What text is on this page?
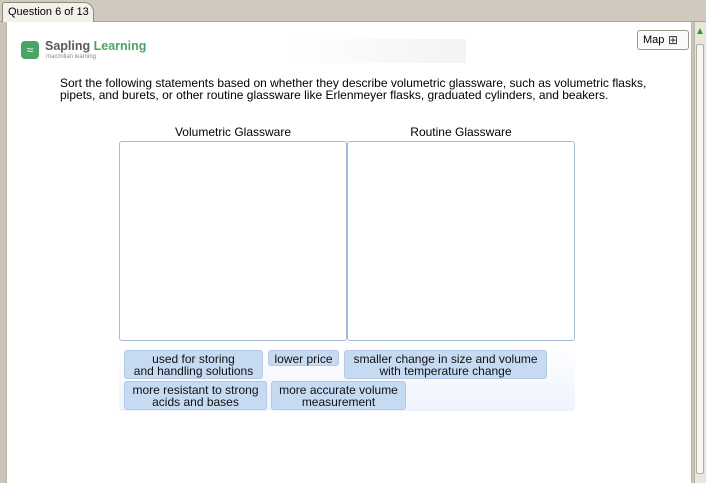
Question 6 of 13
▲
≈ Sapling Learning
macmillan learning
Map ⊞
Sort the following statements based on whether they describe volumetric glassware, such as volumetric flasks, pipets, and burets, or other routine glassware like Erlenmeyer flasks, graduated cylinders, and beakers.
Volumetric Glassware	Routine Glassware
used for storing
and handling solutions
lower price	smaller change in size and volume
with temperature change
more resistant to strong
acids and bases
more accurate volume
measurement
